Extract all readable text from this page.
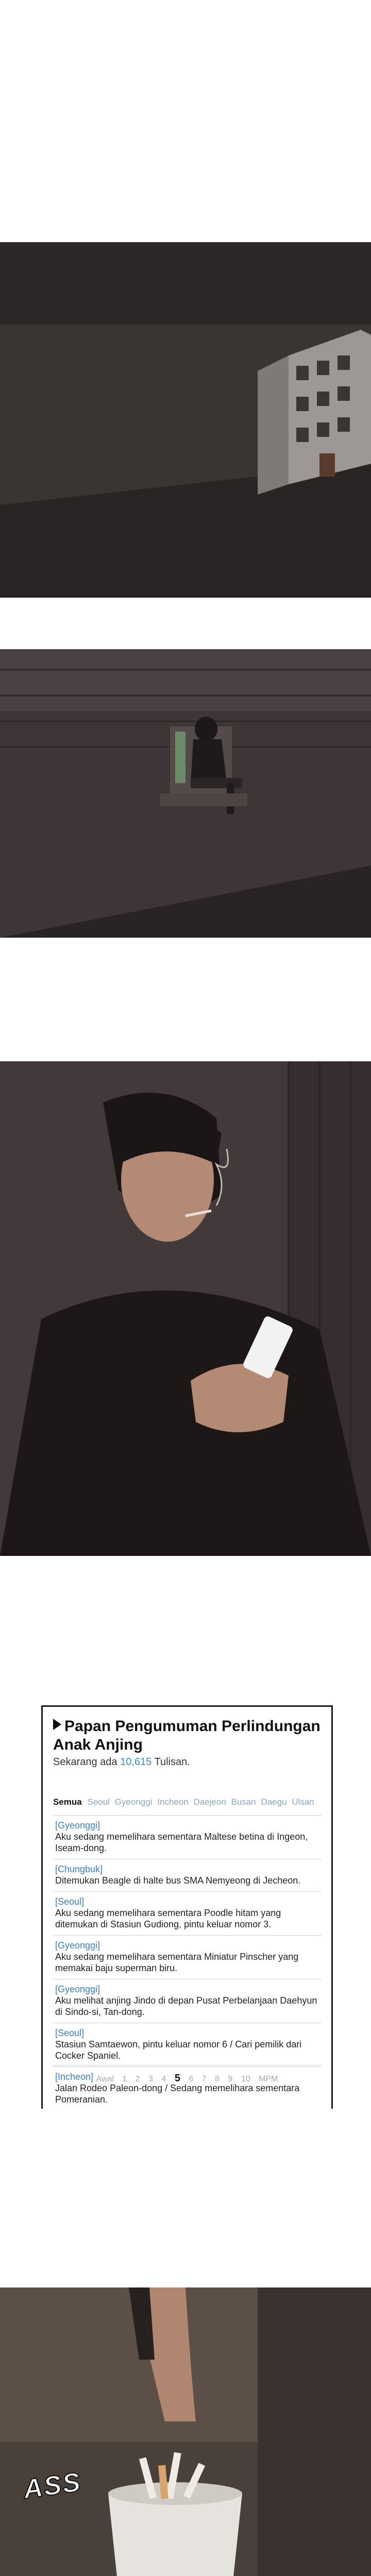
Papan Pengumuman Perlindungan Anak Anjing
Sekarang ada 10,615 Tulisan.
Semua Seoul Gyeonggi Incheon Daejeon Busan Daegu Ulsan
[Gyeonggi]
Aku sedang memelihara sementara Maltese betina di Ingeon, Iseam-dong.
[Chungbuk]
Ditemukan Beagle di halte bus SMA Nemyeong di Jecheon.
[Seoul]
Aku sedang memelihara sementara Poodle hitam yang ditemukan di Stasiun Gudiong, pintu keluar nomor 3.
[Gyeonggi]
Aku sedang memelihara sementara Miniatur Pinscher yang memakai baju superman biru.
[Gyeonggi]
Aku melihat anjing Jindo di depan Pusat Perbelanjaan Daehyun di Sindo-si, Tan-dong.
[Seoul]
Stasiun Samtaewon, pintu keluar nomor 6 / Cari pemilik dari Cocker Spaniel.
[Incheon]
Jalan Rodeo Paleon-dong / Sedang memelihara sementara Pomeranian.
Awal 1 2 3 4 5 6 7 8 9 10 MPM
ASS
